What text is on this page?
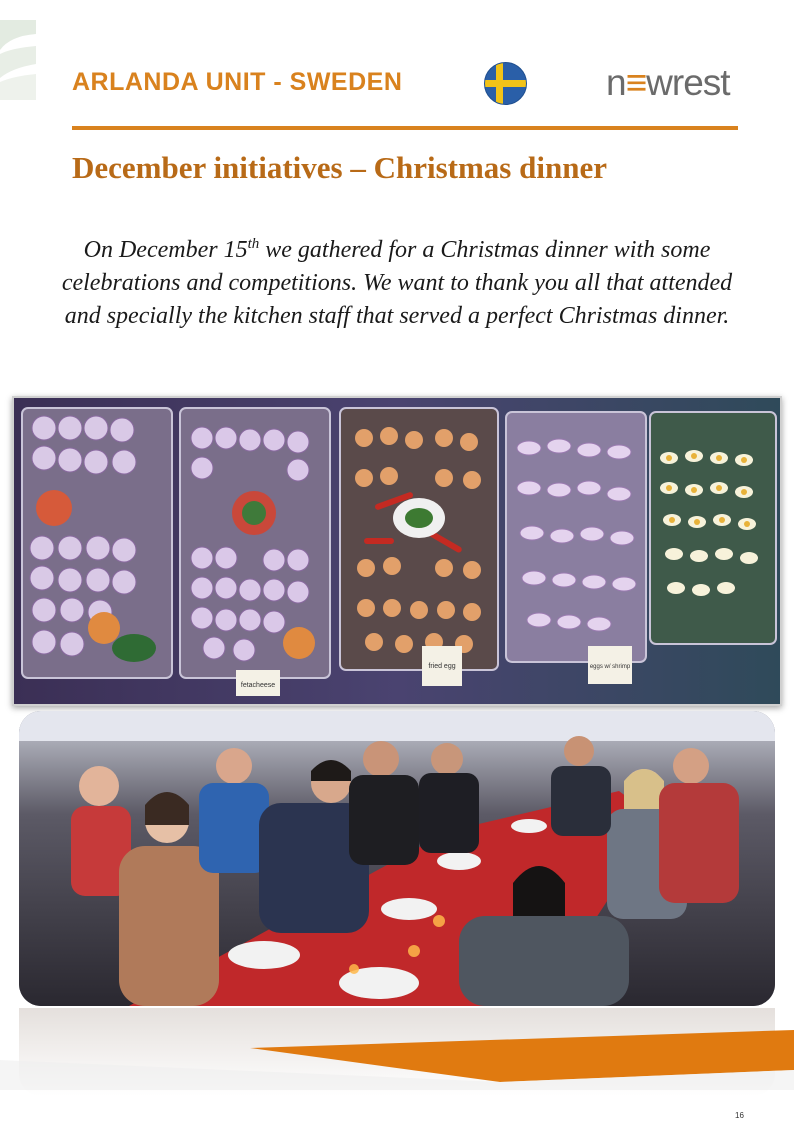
ARLANDA UNIT - SWEDEN	n≡wrest
December initiatives – Christmas dinner
On December 15th we gathered for a Christmas dinner with some celebrations and competitions. We want to thank you all that attended and specially the kitchen staff that served a perfect Christmas dinner.
fetacheese
fried egg	eggs w/ shrimp
16
